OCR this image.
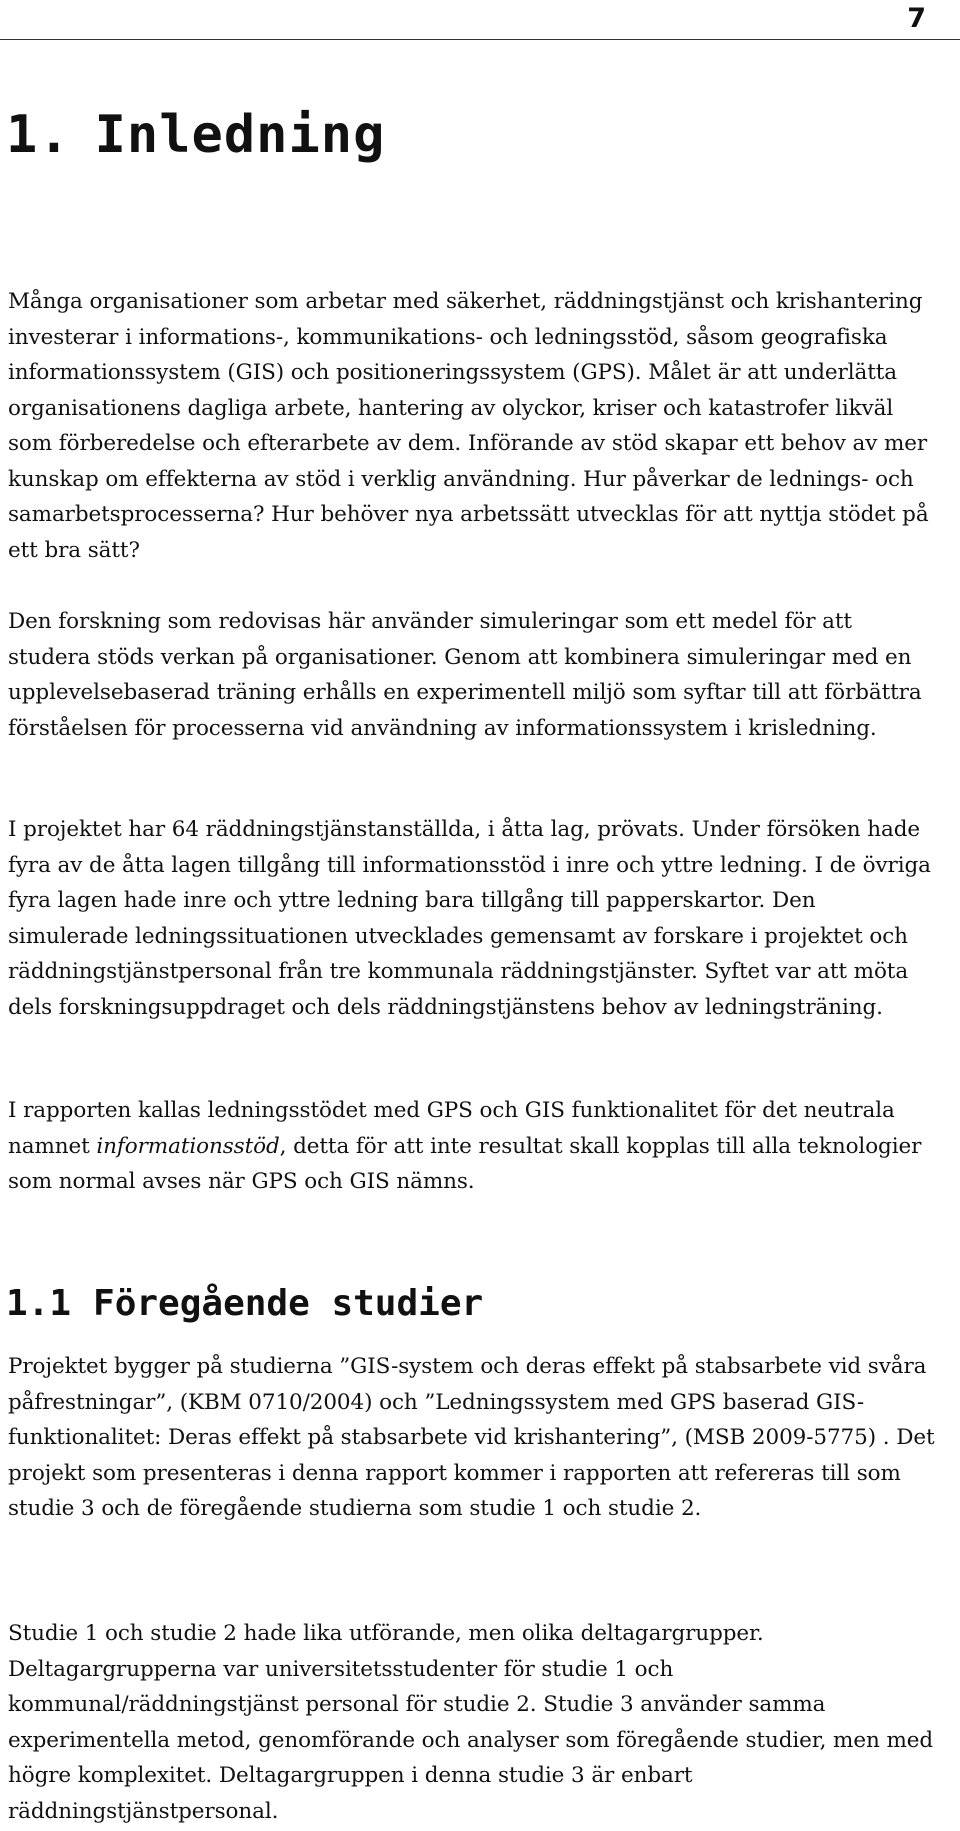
7
1. Inledning

Många organisationer som arbetar med säkerhet, räddningstjänst och krishantering investerar i informations-, kommunikations- och ledningsstöd, såsom geografiska informationssystem (GIS) och positioneringssystem (GPS). Målet är att underlätta organisationens dagliga arbete, hantering av olyckor, kriser och katastrofer likväl som förberedelse och efterarbete av dem. Införande av stöd skapar ett behov av mer kunskap om effekterna av stöd i verklig användning. Hur påverkar de lednings- och samarbetsprocesserna? Hur behöver nya arbetssätt utvecklas för att nyttja stödet på ett bra sätt?

Den forskning som redovisas här använder simuleringar som ett medel för att studera stöds verkan på organisationer. Genom att kombinera simuleringar med en upplevelsebaserad träning erhålls en experimentell miljö som syftar till att förbättra förståelsen för processerna vid användning av informationssystem i krisledning.

I projektet har 64 räddningstjänstanställda, i åtta lag, prövats. Under försöken hade fyra av de åtta lagen tillgång till informationsstöd i inre och yttre ledning. I de övriga fyra lagen hade inre och yttre ledning bara tillgång till papperskartor. Den simulerade ledningssituationen utvecklades gemensamt av forskare i projektet och räddningstjänstpersonal från tre kommunala räddningstjänster. Syftet var att möta dels forskningsuppdraget och dels räddningstjänstens behov av ledningsträning.

I rapporten kallas ledningsstödet med GPS och GIS funktionalitet för det neutrala namnet informationsstöd, detta för att inte resultat skall kopplas till alla teknologier som normal avses när GPS och GIS nämns.

1.1 Föregående studier

Projektet bygger på studierna ”GIS-system och deras effekt på stabsarbete vid svåra påfrestningar”, (KBM 0710/2004) och ”Ledningssystem med GPS baserad GIS-funktionalitet: Deras effekt på stabsarbete vid krishantering”, (MSB 2009-5775) . Det projekt som presenteras i denna rapport kommer i rapporten att refereras till som studie 3 och de föregående studierna som studie 1 och studie 2.

Studie 1 och studie 2 hade lika utförande, men olika deltagargrupper. Deltagargrupperna var universitetsstudenter för studie 1 och kommunal/räddningstjänst personal för studie 2. Studie 3 använder samma experimentella metod, genomförande och analyser som föregående studier, men med högre komplexitet. Deltagargruppen i denna studie 3 är enbart räddningstjänstpersonal.
